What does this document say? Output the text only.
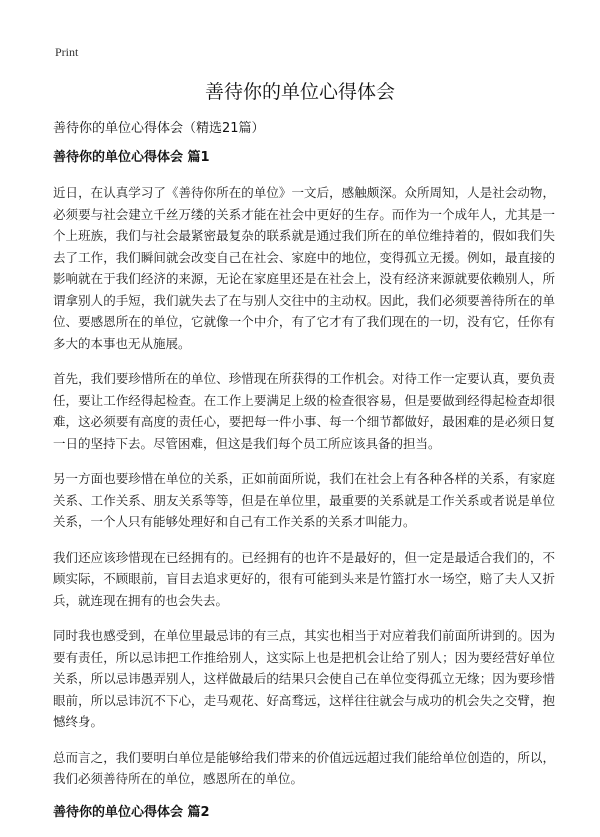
Print
善待你的单位心得体会

善待你的单位心得体会（精选21篇）

善待你的单位心得体会 篇1

近日，在认真学习了《善待你所在的单位》一文后，感触颇深。众所周知，人是社会动物，必须要与社会建立千丝万缕的关系才能在社会中更好的生存。而作为一个成年人，尤其是一个上班族，我们与社会最紧密最复杂的联系就是通过我们所在的单位维持着的，假如我们失去了工作，我们瞬间就会改变自己在社会、家庭中的地位，变得孤立无援。例如，最直接的影响就在于我们经济的来源，无论在家庭里还是在社会上，没有经济来源就要依赖别人，所谓拿别人的手短，我们就失去了在与别人交往中的主动权。因此，我们必须要善待所在的单位、要感恩所在的单位，它就像一个中介，有了它才有了我们现在的一切，没有它，任你有多大的本事也无从施展。

首先，我们要珍惜所在的单位、珍惜现在所获得的工作机会。对待工作一定要认真，要负责任，要让工作经得起检查。在工作上要满足上级的检查很容易，但是要做到经得起检查却很难，这必须要有高度的责任心，要把每一件小事、每一个细节都做好，最困难的是必须日复一日的坚持下去。尽管困难，但这是我们每个员工所应该具备的担当。

另一方面也要珍惜在单位的关系，正如前面所说，我们在社会上有各种各样的关系，有家庭关系、工作关系、朋友关系等等，但是在单位里，最重要的关系就是工作关系或者说是单位关系，一个人只有能够处理好和自己有工作关系的关系才叫能力。

我们还应该珍惜现在已经拥有的。已经拥有的也许不是最好的，但一定是最适合我们的，不顾实际，不顾眼前，盲目去追求更好的，很有可能到头来是竹篮打水一场空，赔了夫人又折兵，就连现在拥有的也会失去。

同时我也感受到，在单位里最忌讳的有三点，其实也相当于对应着我们前面所讲到的。因为要有责任，所以忌讳把工作推给别人，这实际上也是把机会让给了别人；因为要经营好单位关系，所以忌讳愚弄别人，这样做最后的结果只会使自己在单位变得孤立无缘；因为要珍惜眼前，所以忌讳沉不下心，走马观花、好高骛远，这样往往就会与成功的机会失之交臂，抱憾终身。

总而言之，我们要明白单位是能够给我们带来的价值远远超过我们能给单位创造的，所以，我们必须善待所在的单位，感恩所在的单位。

善待你的单位心得体会 篇2
